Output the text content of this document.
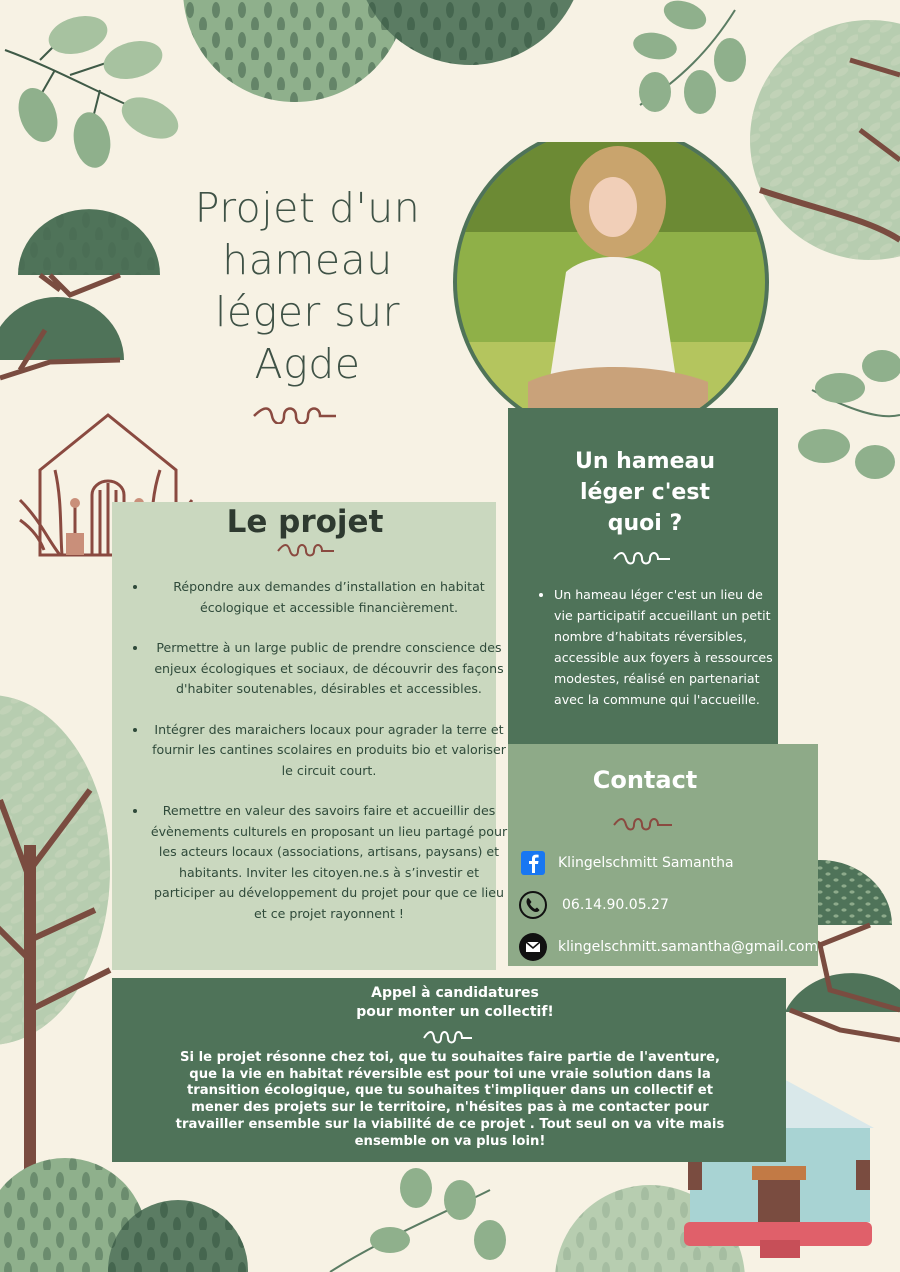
Projet d'un
hameau
léger sur
Agde
Le projet
• Répondre aux demandes d’installation en habitat écologique et accessible financièrement.
• Permettre à un large public de prendre conscience des enjeux écologiques et sociaux, de découvrir des façons d'habiter soutenables, désirables et accessibles.
• Intégrer des maraichers locaux pour agrader la terre et fournir les cantines scolaires en produits bio et valoriser le circuit court.
• Remettre en valeur des savoirs faire et accueillir des évènements culturels en proposant un lieu partagé pour les acteurs locaux (associations, artisans, paysans) et habitants. Inviter les citoyen.ne.s à s’investir et participer au développement du projet pour que ce lieu et ce projet rayonnent !
Un hameau
léger c'est
quoi ?
• Un hameau léger c'est un lieu de vie participatif accueillant un petit nombre d’habitats réversibles, accessible aux foyers à ressources modestes, réalisé en partenariat avec la commune qui l'accueille.
Contact
Klingelschmitt Samantha
06.14.90.05.27
klingelschmitt.samantha@gmail.com
Appel à candidatures
pour monter un collectif!
Si le projet résonne chez toi, que tu souhaites faire partie de l'aventure, que la vie en habitat réversible est pour toi une vraie solution dans la transition écologique, que tu souhaites t'impliquer dans un collectif et mener des projets sur le territoire, n'hésites pas à me contacter pour travailler ensemble sur la viabilité de ce projet . Tout seul on va vite mais ensemble on va plus loin!
